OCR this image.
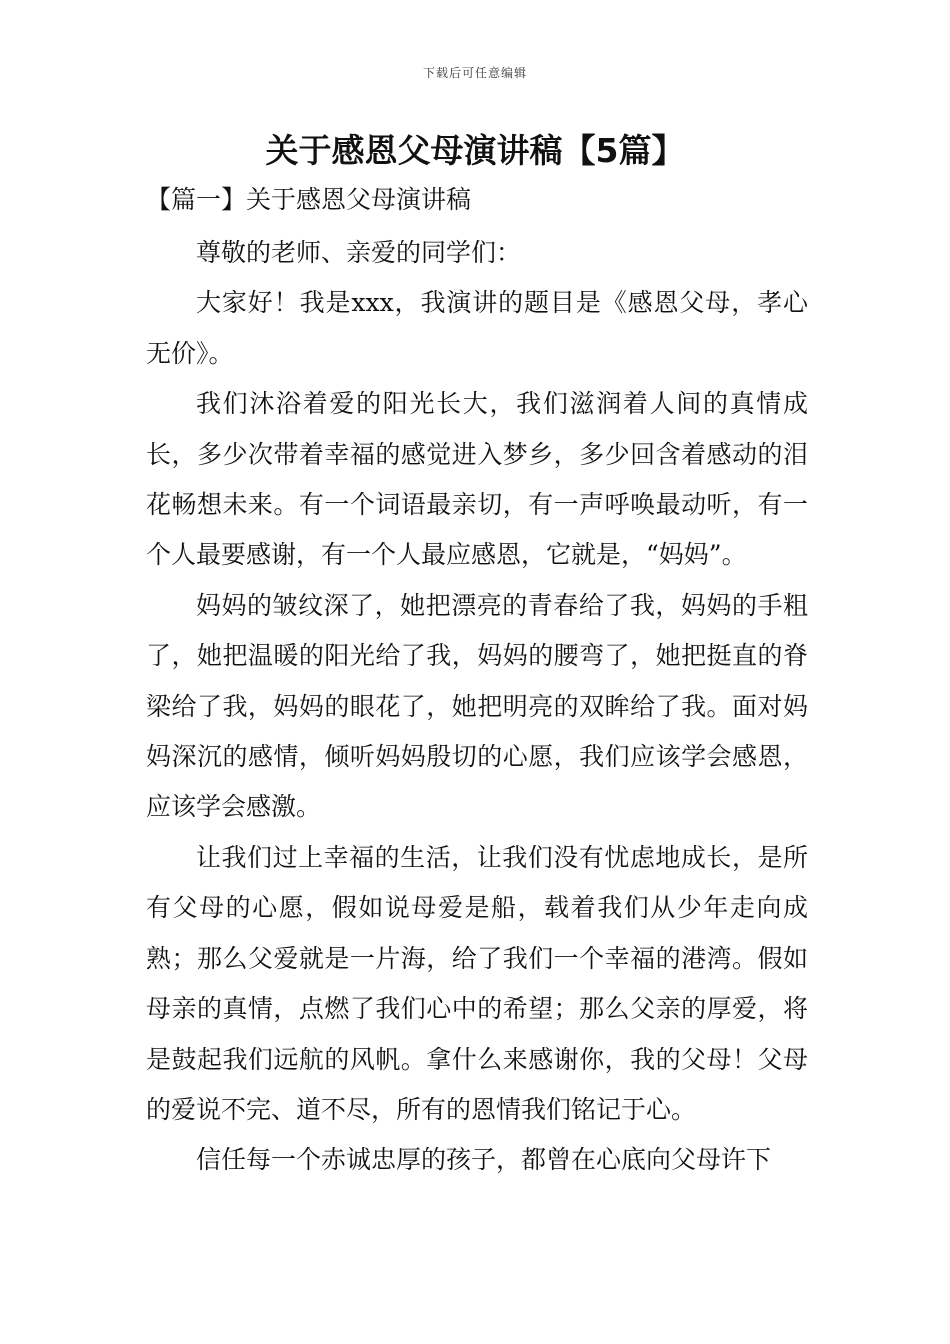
下载后可任意编辑
关于感恩父母演讲稿【5篇】
【篇一】关于感恩父母演讲稿

尊敬的老师、亲爱的同学们：

大家好！我是xxx，我演讲的题目是《感恩父母，孝心无价》。

我们沐浴着爱的阳光长大，我们滋润着人间的真情成长，多少次带着幸福的感觉进入梦乡，多少回含着感动的泪花畅想未来。有一个词语最亲切，有一声呼唤最动听，有一个人最要感谢，有一个人最应感恩，它就是，“妈妈”。

妈妈的皱纹深了，她把漂亮的青春给了我，妈妈的手粗了，她把温暖的阳光给了我，妈妈的腰弯了，她把挺直的脊梁给了我，妈妈的眼花了，她把明亮的双眸给了我。面对妈妈深沉的感情，倾听妈妈殷切的心愿，我们应该学会感恩，应该学会感激。

让我们过上幸福的生活，让我们没有忧虑地成长，是所有父母的心愿，假如说母爱是船，载着我们从少年走向成熟；那么父爱就是一片海，给了我们一个幸福的港湾。假如母亲的真情，点燃了我们心中的希望；那么父亲的厚爱，将是鼓起我们远航的风帆。拿什么来感谢你，我的父母！父母的爱说不完、道不尽，所有的恩情我们铭记于心。

信任每一个赤诚忠厚的孩子，都曾在心底向父母许下
